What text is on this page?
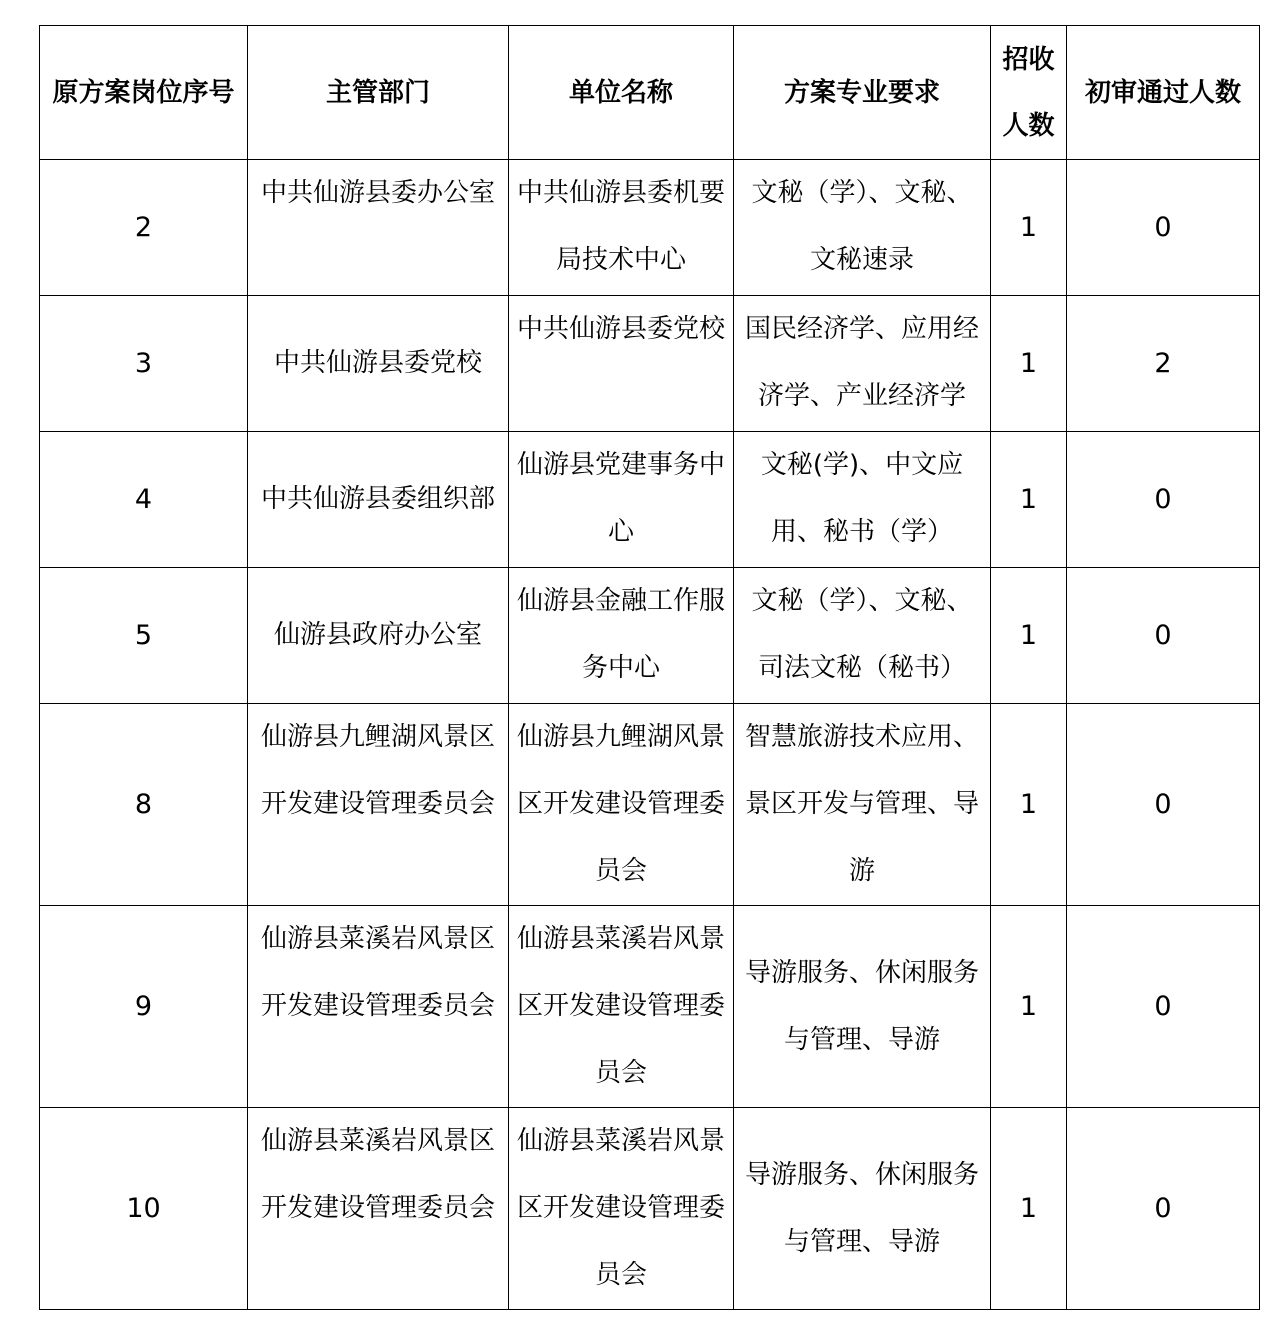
原方案岗位序号	主管部门	单位名称	方案专业要求	招收人数	初审通过人数
2	中共仙游县委办公室	中共仙游县委机要局技术中心	文秘（学）、文秘、文秘速录	1	0
3	中共仙游县委党校	中共仙游县委党校	国民经济学、应用经济学、产业经济学	1	2
4	中共仙游县委组织部	仙游县党建事务中心	文秘(学)、中文应用、秘书（学）	1	0
5	仙游县政府办公室	仙游县金融工作服务中心	文秘（学）、文秘、司法文秘（秘书）	1	0
8	仙游县九鲤湖风景区开发建设管理委员会	仙游县九鲤湖风景区开发建设管理委员会	智慧旅游技术应用、景区开发与管理、导游	1	0
9	仙游县菜溪岩风景区开发建设管理委员会	仙游县菜溪岩风景区开发建设管理委员会	导游服务、休闲服务与管理、导游	1	0
10	仙游县菜溪岩风景区开发建设管理委员会	仙游县菜溪岩风景区开发建设管理委员会	导游服务、休闲服务与管理、导游	1	0
